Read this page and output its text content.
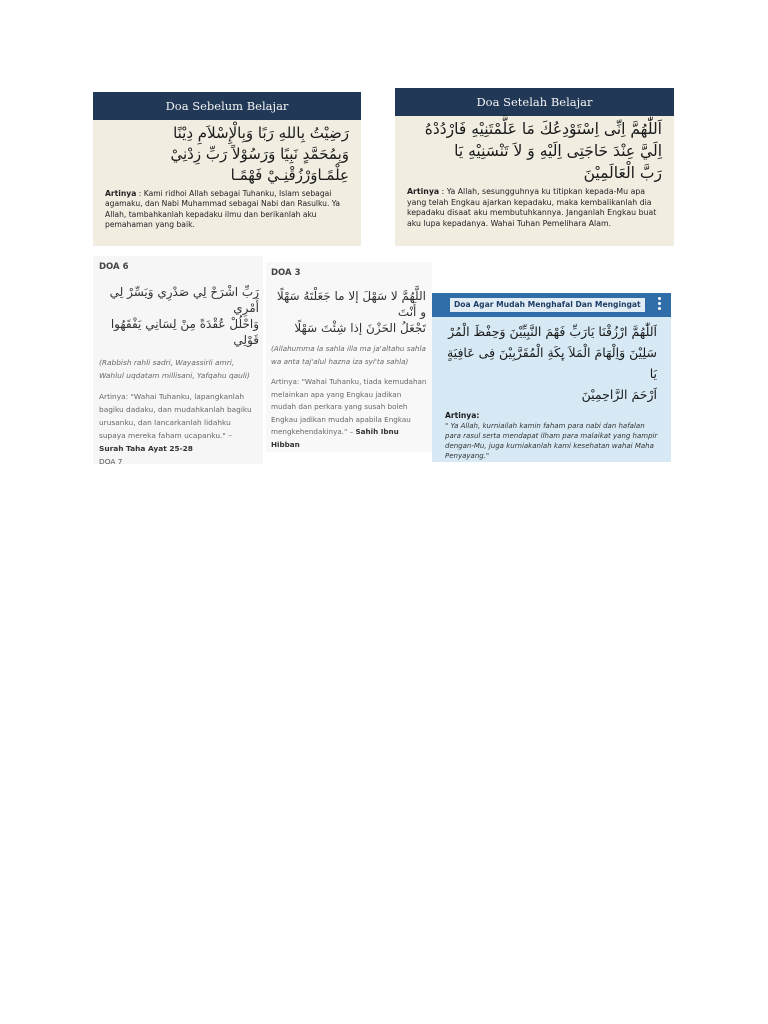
Doa Sebelum Belajar
رَضِيْتُ بِاللهِ رَبًا وَبِالْإِسْلاَمِ دِيْنًا
وَبِمُحَمَّدٍ نَبِيًا وَرَسُوْلاً رَبِّ زِدْنِيْ
عِلْمًـاوَرْزُقْنِـيْ فَهْمًـا
Artinya : Kami ridhoi Allah sebagai Tuhanku, Islam sebagai agamaku, dan Nabi Muhammad sebagai Nabi dan Rasulku. Ya Allah, tambahkanlah kepadaku ilmu dan berikanlah aku pemahaman yang baik.
Doa Setelah Belajar
اَللّٰهُمَّ اِنِّى اِسْتَوْدِعُكَ مَا عَلَّمْتَنِيْهِ فَارْدُدْهُ
اِلَيَّ عِنْدَ حَاجَتِى اِلَيْهِ وَ لاَ تَنْسَنِيْهِ يَا
رَبَّ الْعَالَمِيْنَ
Artinya : Ya Allah, sesungguhnya ku titipkan kepada-Mu apa yang telah Engkau ajarkan kepadaku, maka kembalikanlah dia kepadaku disaat aku membutuhkannya. Janganlah Engkau buat aku lupa kepadanya. Wahai Tuhan Pemelihara Alam.
DOA 6
رَبِّ اشْرَحْ لِي صَدْرِي وَيَسِّرْ لِي أَمْرِي
وَاحْلُلْ عُقْدَةً مِنْ لِسَانِي يَفْقَهُوا قَوْلِي
(Rabbish rahli sadri, Wayassirli amri, Wahlul uqdatam millisani, Yafqahu qauli)
Artinya: "Wahai Tuhanku, lapangkanlah bagiku dadaku, dan mudahkanlah bagiku urusanku, dan lancarkanlah lidahku supaya mereka faham ucapanku." – Surah Taha Ayat 25-28
DOA 7
DOA 3
اللَّهُمَّ لا سَهْلَ إلا ما جَعَلْتَهُ سَهْلًا و أَنْتَ
تَجْعَلُ الحَزْنَ إذا شِئْتَ سَهْلًا
(Allahumma la sahla illa ma ja'altahu sahla wa anta taj'alul hazna iza syi'ta sahla)
Artinya: "Wahai Tuhanku, tiada kemudahan melainkan apa yang Engkau jadikan mudah dan perkara yang susah boleh Engkau jadikan mudah apabila Engkau mengkehendakinya." – Sahih Ibnu Hibban
Doa Agar Mudah Menghafal Dan Mengingat
اَللّٰهُمَّ ارْزُقْنَا يَارَبِّ فَهْمَ النَّبِيِّيْنَ وَحِفْظَ الْمُرْ
سَلِيْنَ وَاِلْهَامَ الْمَلاَ ىِٕكَةِ الْمُقَرَّبِيْنَ فِى عَافِيَةٍ يَا
اَرْحَمَ الرَّاحِمِيْنَ
Artinya:
" Ya Allah, kurniailah kamin faham para nabi dan hafalan para rasul serta mendapat ilham para malaikat yang hampir dengan-Mu, juga kurniakanlah kami kesehatan wahai Maha Penyayang."
